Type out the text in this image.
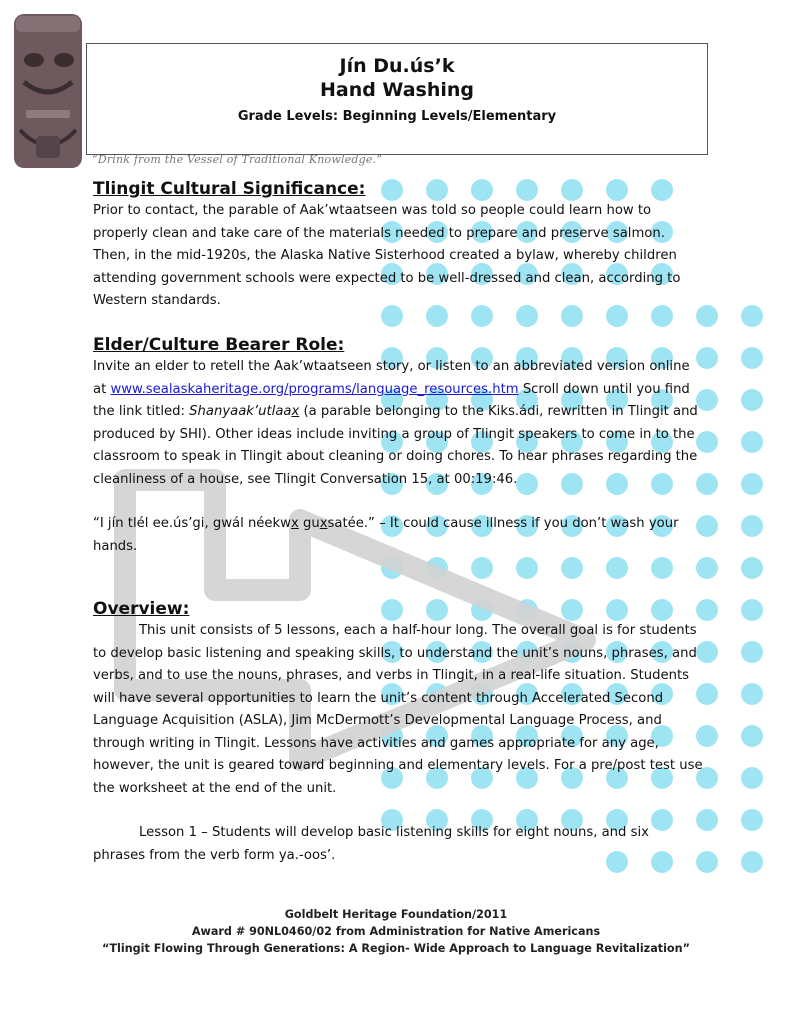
Jín Du.ús’k
Hand Washing
Grade Levels: Beginning Levels/Elementary
“Drink from the Vessel of Traditional Knowledge.”
Tlingit Cultural Significance:

Prior to contact, the parable of Aak’wtaatseen was told so people could learn how to properly clean and take care of the materials needed to prepare and preserve salmon. Then, in the mid-1920s, the Alaska Native Sisterhood created a bylaw, whereby children attending government schools were expected to be well-dressed and clean, according to Western standards.

Elder/Culture Bearer Role:

Invite an elder to retell the Aak’wtaatseen story, or listen to an abbreviated version online at www.sealaskaheritage.org/programs/language_resources.htm Scroll down until you find the link titled: Shanyaak’utlaax (a parable belonging to the Kiks.ádi, rewritten in Tlingit and produced by SHI). Other ideas include inviting a group of Tlingit speakers to come in to the classroom to speak in Tlingit about cleaning or doing chores. To hear phrases regarding the cleanliness of a house, see Tlingit Conversation 15, at 00:19:46.

“I jín tlél ee.ús’gi, gwál néekwx guxsatée.” – It could cause illness if you don’t wash your hands.

Overview:

This unit consists of 5 lessons, each a half-hour long. The overall goal is for students to develop basic listening and speaking skills, to understand the unit’s nouns, phrases, and verbs, and to use the nouns, phrases, and verbs in Tlingit, in a real-life situation. Students will have several opportunities to learn the unit’s content through Accelerated Second Language Acquisition (ASLA), Jim McDermott’s Developmental Language Process, and through writing in Tlingit. Lessons have activities and games appropriate for any age, however, the unit is geared toward beginning and elementary levels. For a pre/post test use the worksheet at the end of the unit.

Lesson 1 – Students will develop basic listening skills for eight nouns, and six phrases from the verb form ya.-oos’.

Goldbelt Heritage Foundation/2011
Award # 90NL0460/02 from Administration for Native Americans
“Tlingit Flowing Through Generations: A Region- Wide Approach to Language Revitalization”
